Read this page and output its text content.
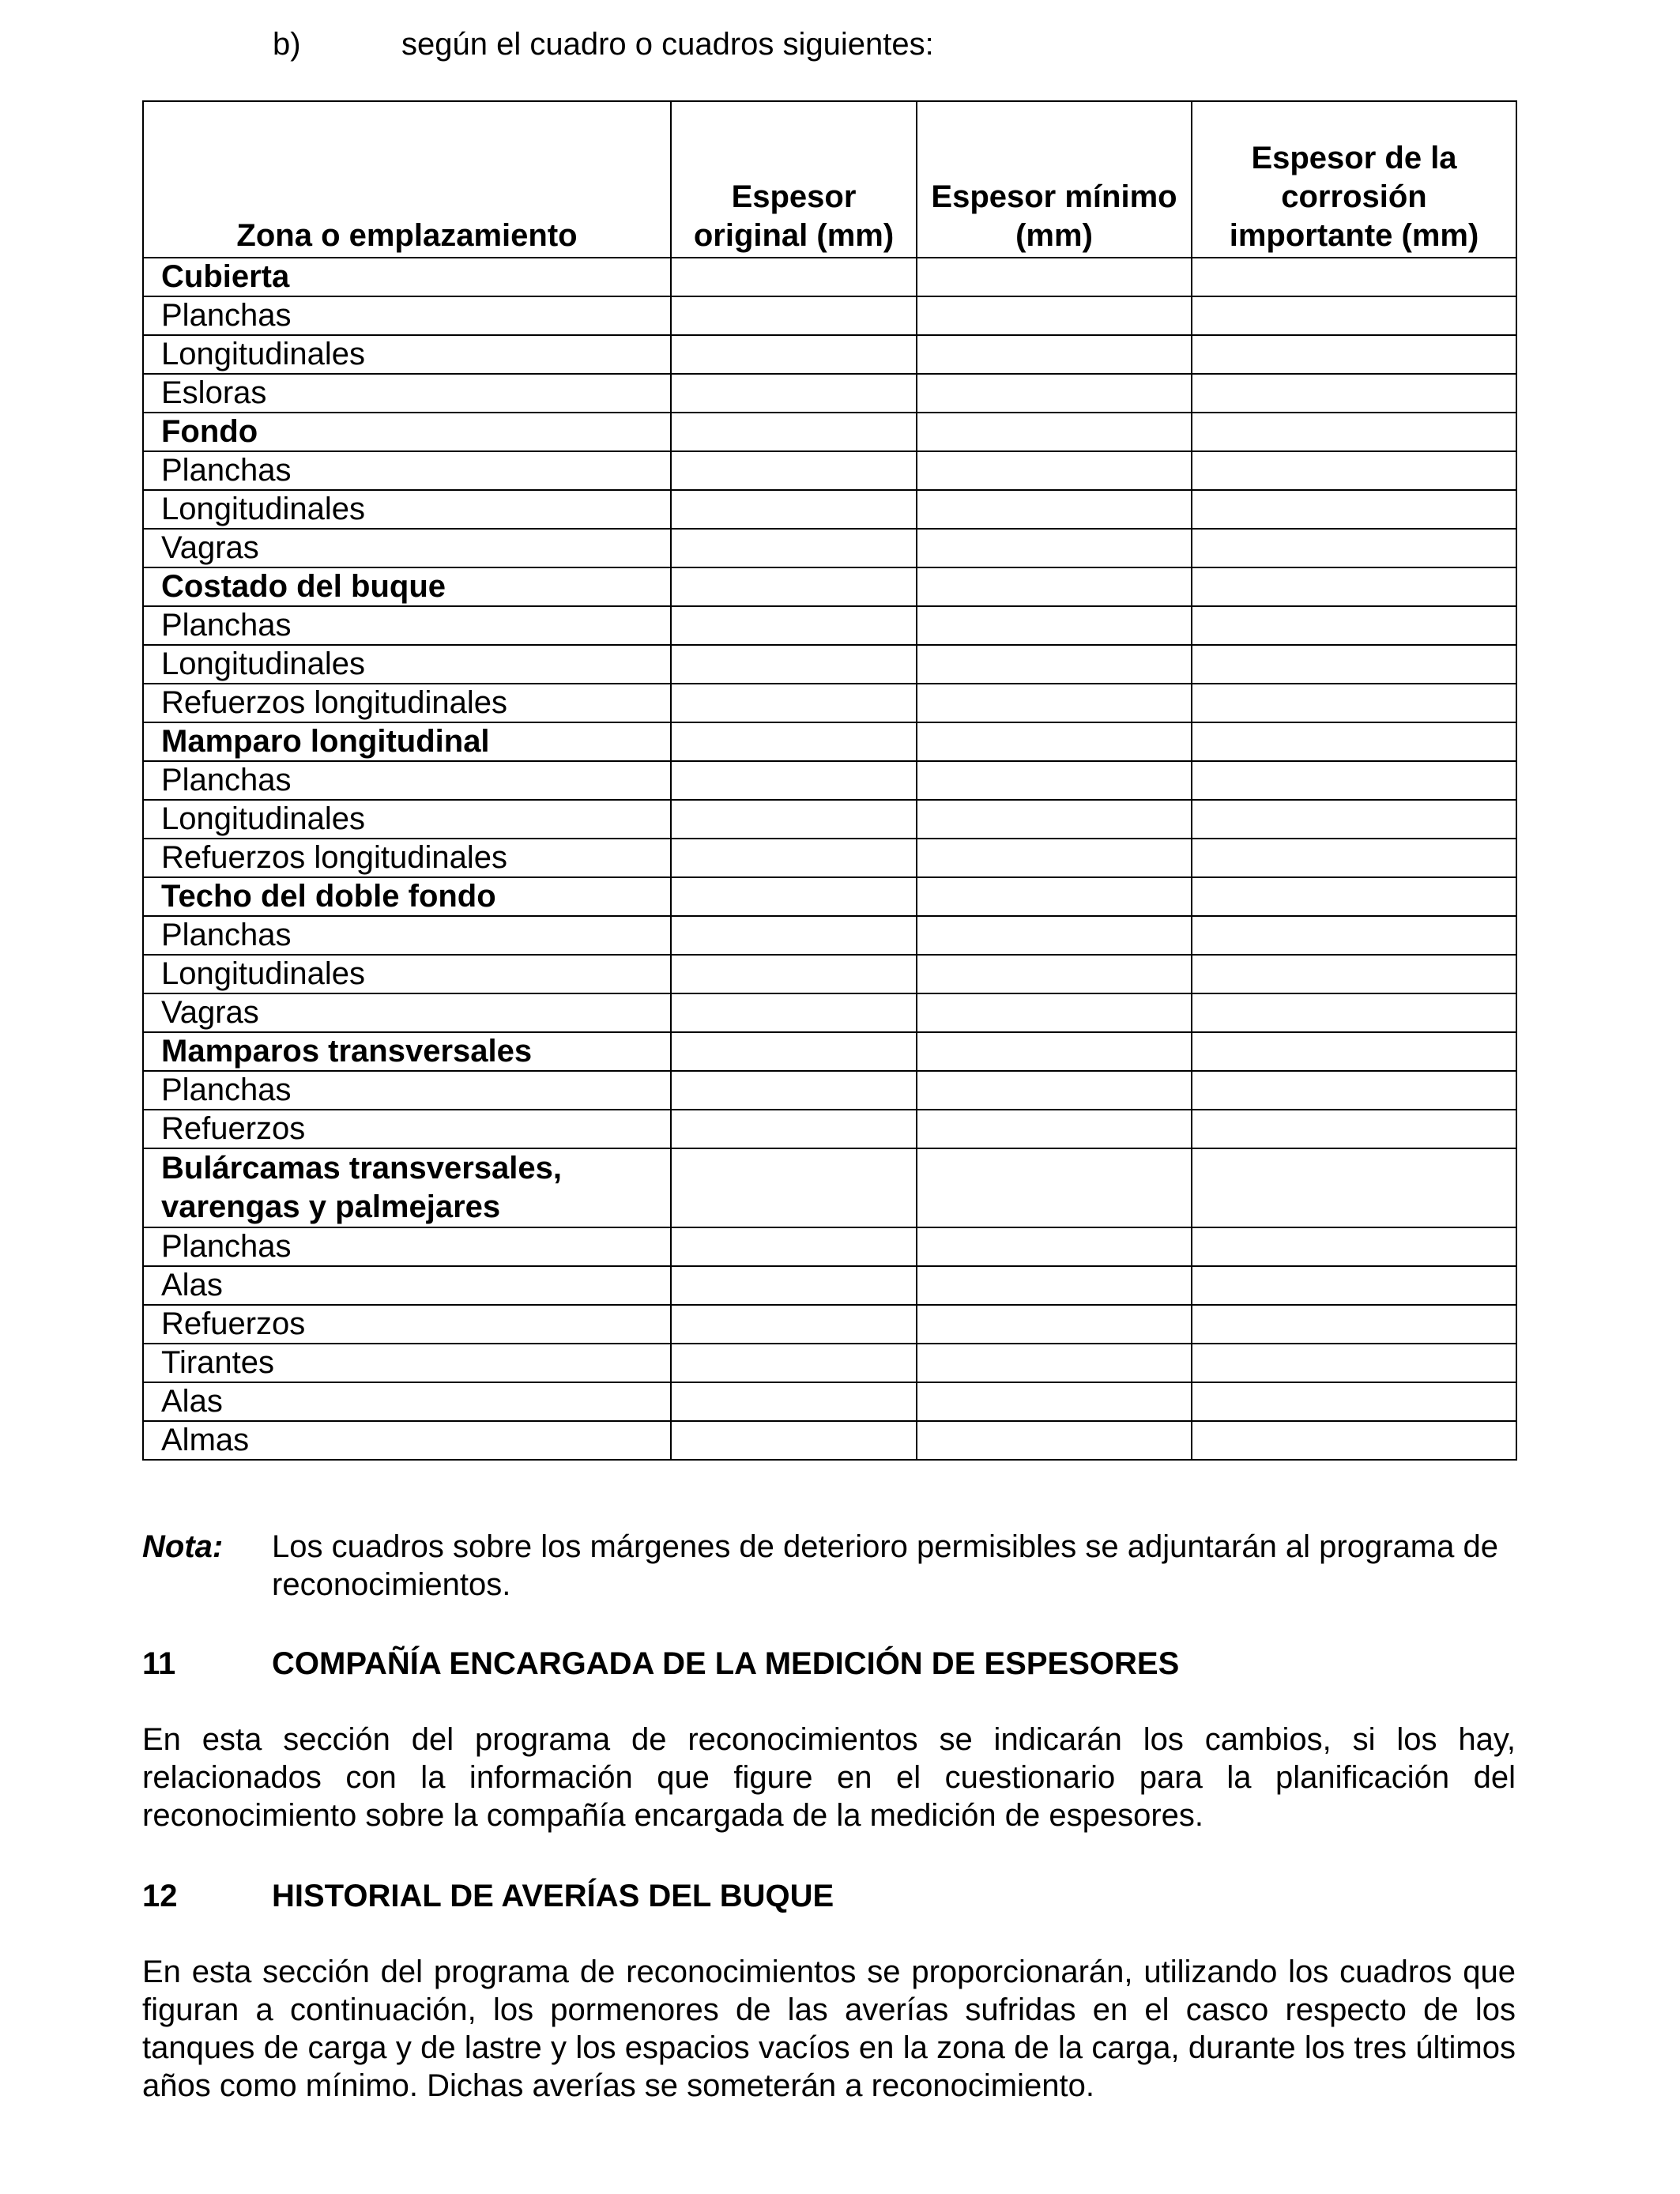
b)	según el cuadro o cuadros siguientes:
Zona o emplazamiento	Espesor original (mm)	Espesor mínimo (mm)	Espesor de la corrosión importante (mm)
Cubierta			
Planchas			
Longitudinales			
Esloras			
Fondo			
Planchas			
Longitudinales			
Vagras			
Costado del buque			
Planchas			
Longitudinales			
Refuerzos longitudinales			
Mamparo longitudinal			
Planchas			
Longitudinales			
Refuerzos longitudinales			
Techo del doble fondo			
Planchas			
Longitudinales			
Vagras			
Mamparos transversales			
Planchas			
Refuerzos			
Bulárcamas transversales, varengas y palmejares			
Planchas			
Alas			
Refuerzos			
Tirantes			
Alas			
Almas			
Nota: Los cuadros sobre los márgenes de deterioro permisibles se adjuntarán al programa de reconocimientos.
11	COMPAÑÍA ENCARGADA DE LA MEDICIÓN DE ESPESORES
En esta sección del programa de reconocimientos se indicarán los cambios, si los hay, relacionados con la información que figure en el cuestionario para la planificación del reconocimiento sobre la compañía encargada de la medición de espesores.
12	HISTORIAL DE AVERÍAS DEL BUQUE
En esta sección del programa de reconocimientos se proporcionarán, utilizando los cuadros que figuran a continuación, los pormenores de las averías sufridas en el casco respecto de los tanques de carga y de lastre y los espacios vacíos en la zona de la carga, durante los tres últimos años como mínimo. Dichas averías se someterán a reconocimiento.
